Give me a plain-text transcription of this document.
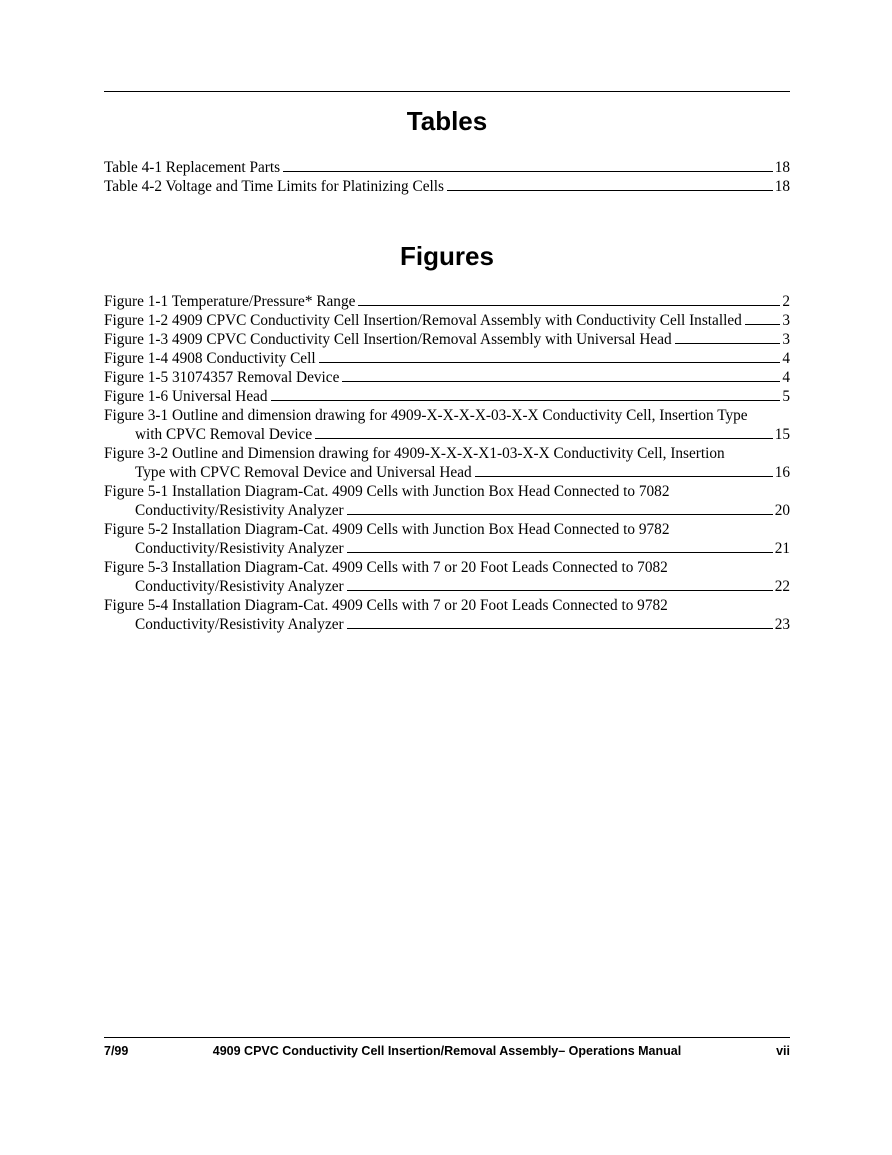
Tables
Table 4-1 Replacement Parts	18
Table 4-2 Voltage and Time Limits for Platinizing Cells	18
Figures
Figure 1-1 Temperature/Pressure* Range	2
Figure 1-2 4909 CPVC Conductivity Cell Insertion/Removal Assembly with Conductivity Cell Installed	3
Figure 1-3 4909 CPVC Conductivity Cell Insertion/Removal Assembly with Universal Head	3
Figure 1-4 4908 Conductivity Cell	4
Figure 1-5 31074357 Removal Device	4
Figure 1-6 Universal Head	5
Figure 3-1 Outline and dimension drawing for 4909-X-X-X-X-03-X-X Conductivity Cell, Insertion Type
with CPVC Removal Device	15
Figure 3-2 Outline and Dimension drawing for 4909-X-X-X-X1-03-X-X Conductivity Cell, Insertion
Type with CPVC Removal Device and Universal Head	16
Figure 5-1 Installation Diagram-Cat. 4909 Cells with Junction Box Head Connected to 7082
Conductivity/Resistivity Analyzer	20
Figure 5-2 Installation Diagram-Cat. 4909 Cells with Junction Box Head Connected to 9782
Conductivity/Resistivity Analyzer	21
Figure 5-3 Installation Diagram-Cat. 4909 Cells with 7 or 20 Foot Leads Connected to 7082
Conductivity/Resistivity Analyzer	22
Figure 5-4 Installation Diagram-Cat. 4909 Cells with 7 or 20 Foot Leads Connected to 9782
Conductivity/Resistivity Analyzer	23
7/99	4909 CPVC Conductivity Cell Insertion/Removal Assembly– Operations Manual	vii
